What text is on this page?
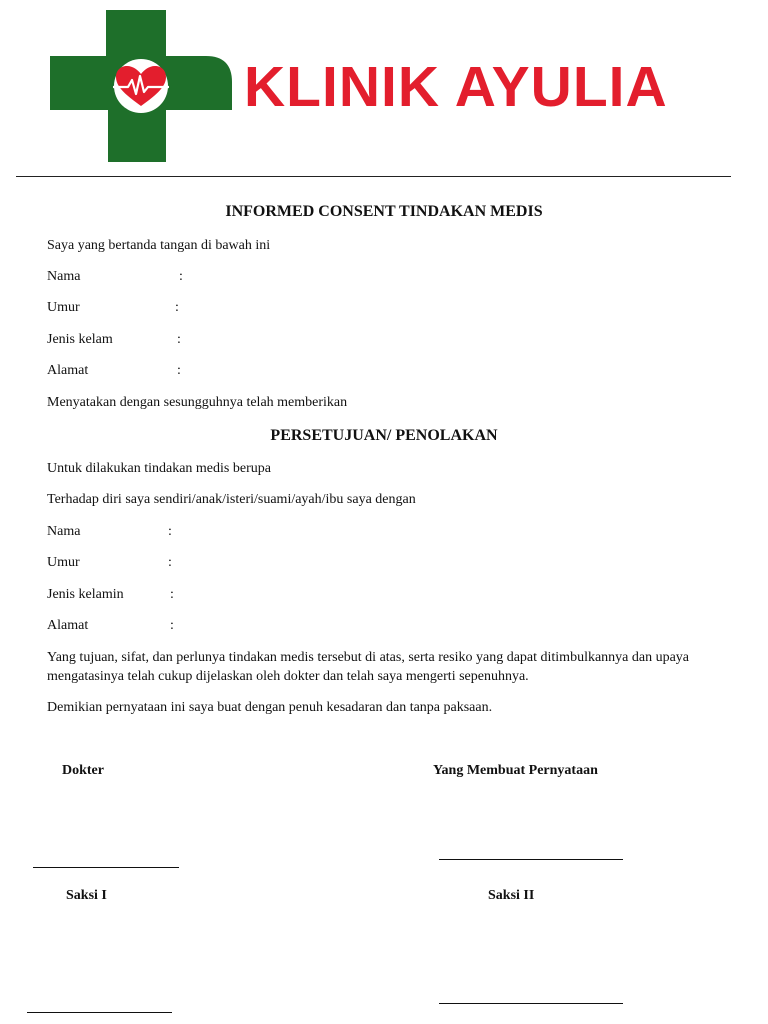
KLINIK AYULIA
INFORMED CONSENT TINDAKAN MEDIS
Saya yang bertanda tangan di bawah ini
Nama	:
Umur	:
Jenis kelam	:
Alamat	:
Menyatakan dengan sesungguhnya telah memberikan
PERSETUJUAN/ PENOLAKAN
Untuk dilakukan tindakan medis berupa
Terhadap diri saya sendiri/anak/isteri/suami/ayah/ibu saya dengan
Nama	:
Umur	:
Jenis kelamin	:
Alamat	:
Yang tujuan, sifat, dan perlunya tindakan medis tersebut di atas, serta resiko yang dapat ditimbulkannya dan upaya mengatasinya telah cukup dijelaskan oleh dokter dan telah saya mengerti sepenuhnya.
Demikian pernyataan ini saya buat dengan penuh kesadaran dan tanpa paksaan.
Dokter	Yang Membuat Pernyataan
Saksi I	Saksi II
